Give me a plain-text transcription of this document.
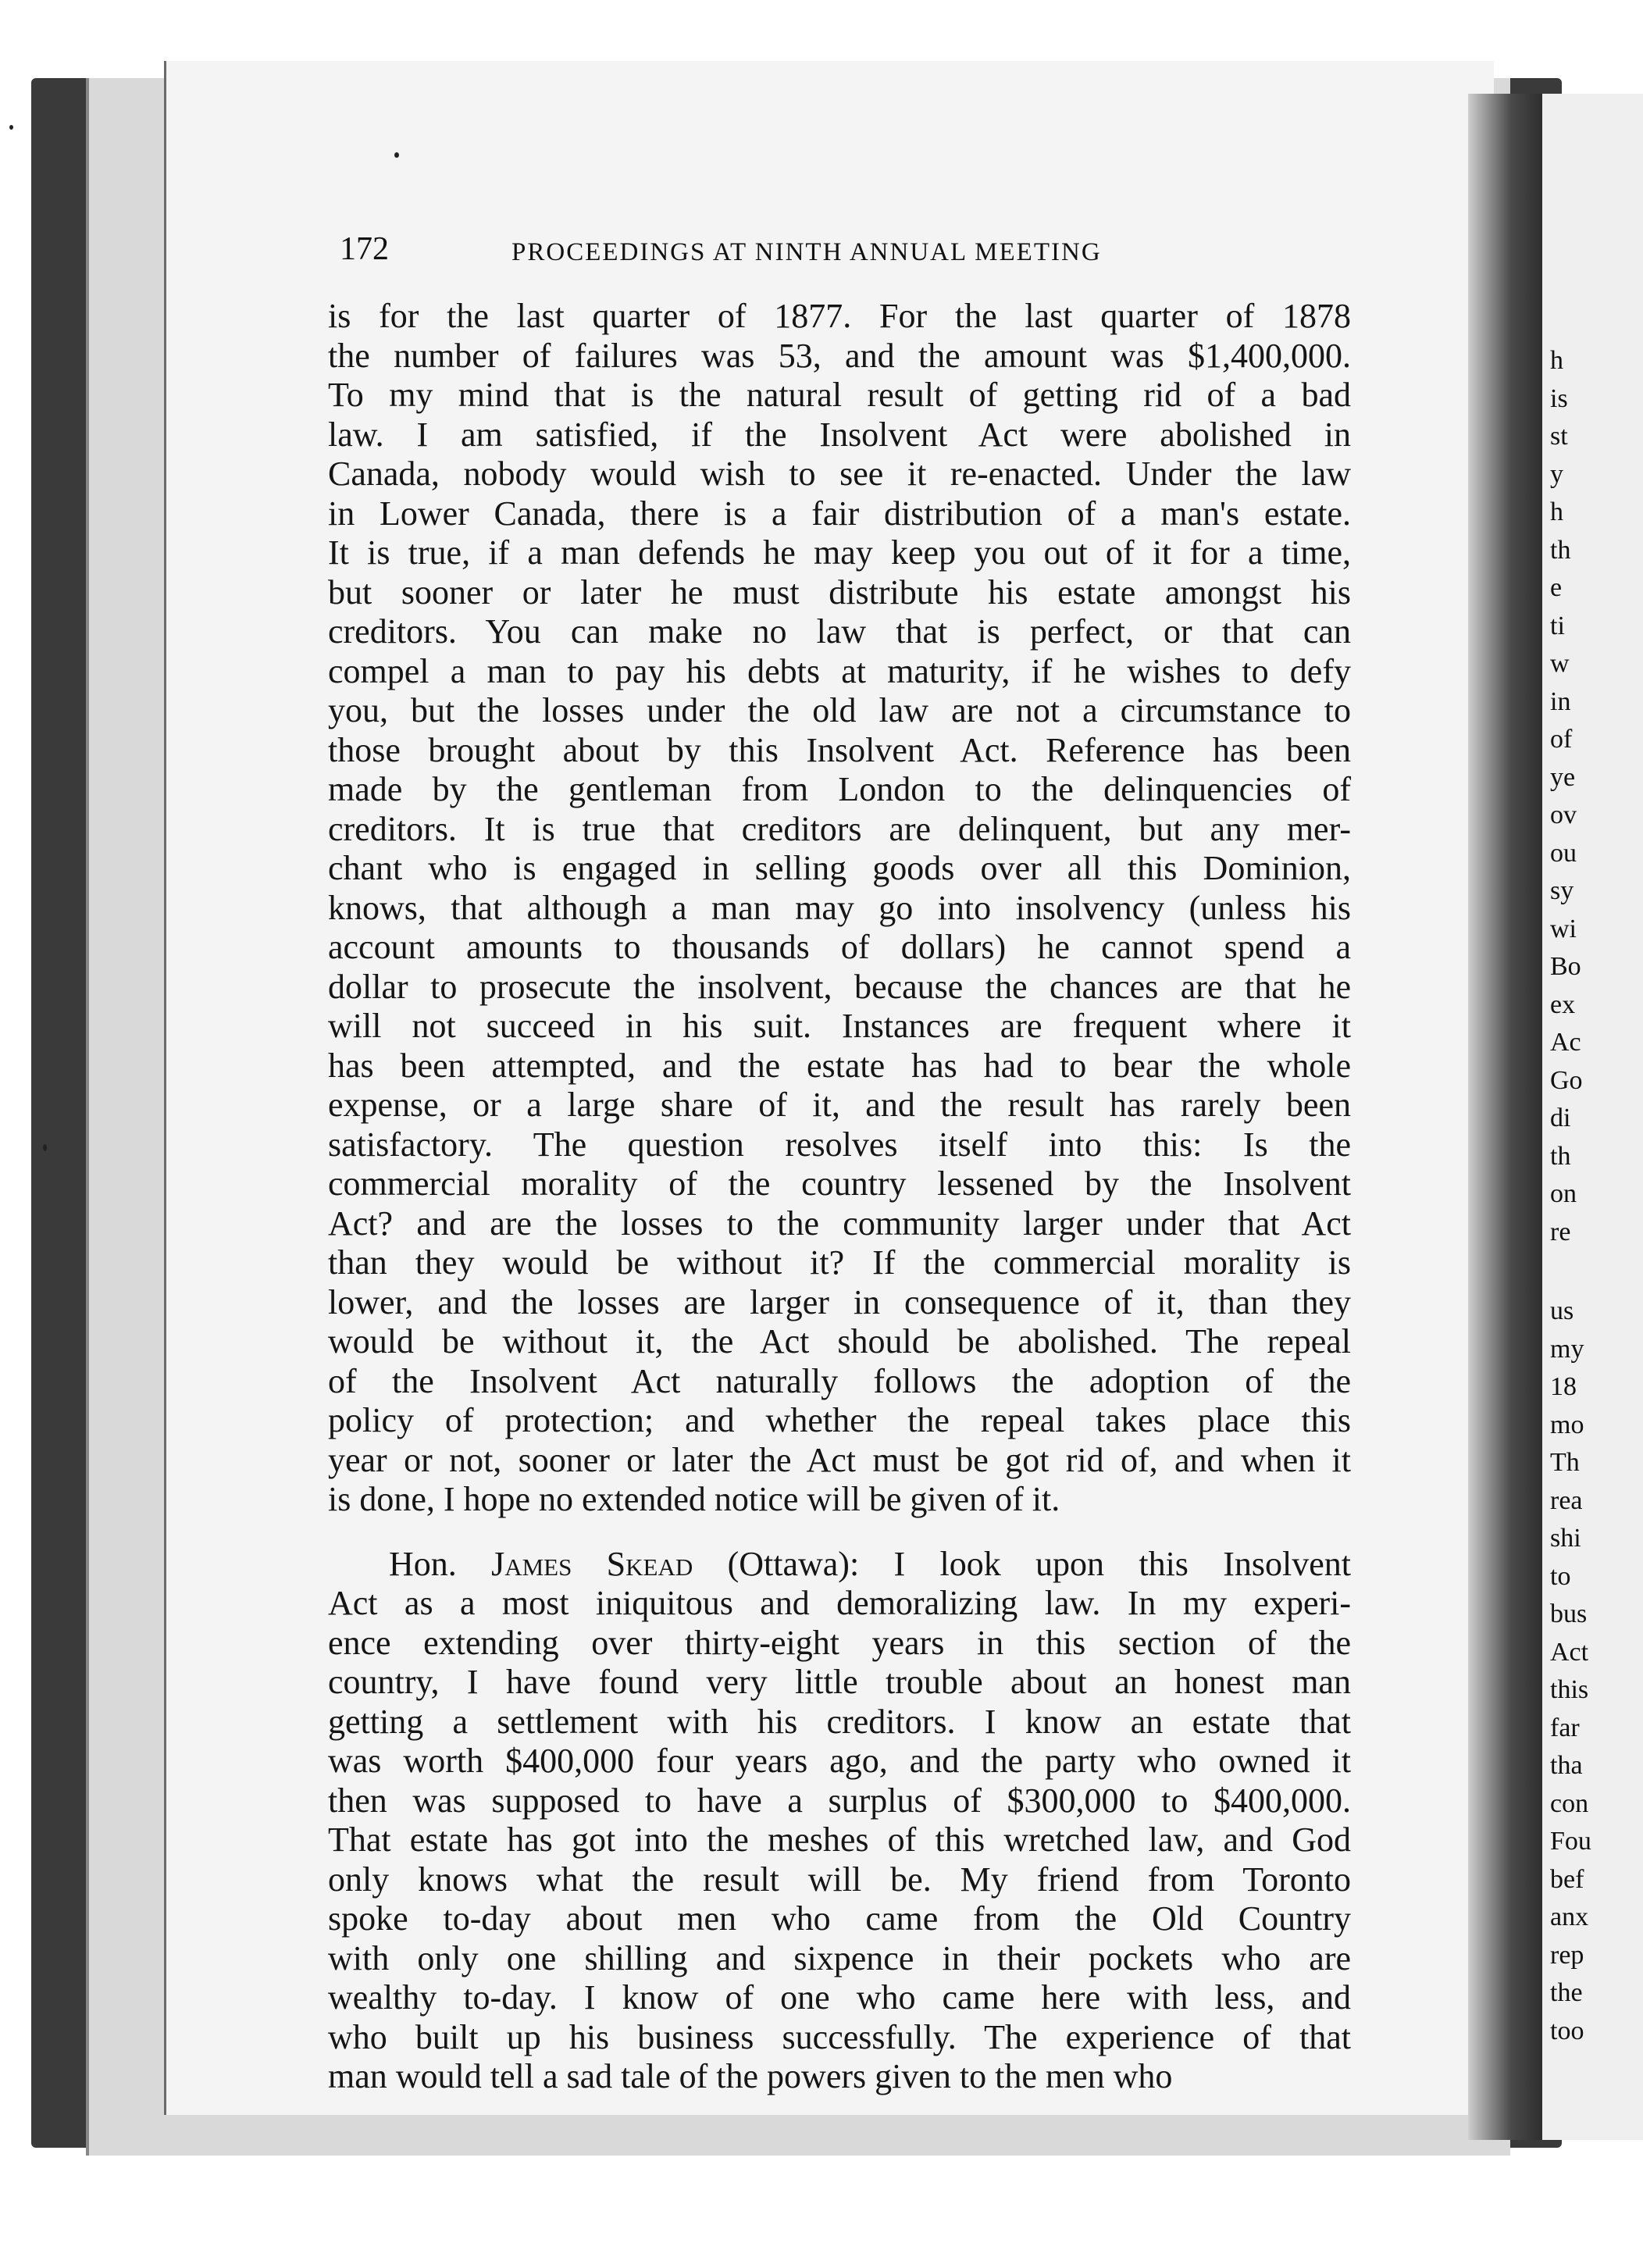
h
is
st
y
h
th
e
ti
w
in
of
ye
ov
ou
sy
wi
Bo
ex
Ac
Go
di
th
on
re
us
my
18
mo
Th
rea
shi
to
bus
Act
this
far
tha
con
Fou
bef
anx
rep
the
too
172	PROCEEDINGS AT NINTH ANNUAL MEETING
is for the last quarter of 1877. For the last quarter of 1878
the number of failures was 53, and the amount was $1,400,000.
To my mind that is the natural result of getting rid of a bad
law. I am satisfied, if the Insolvent Act were abolished in
Canada, nobody would wish to see it re-enacted. Under the law
in Lower Canada, there is a fair distribution of a man's estate.
It is true, if a man defends he may keep you out of it for a time,
but sooner or later he must distribute his estate amongst his
creditors. You can make no law that is perfect, or that can
compel a man to pay his debts at maturity, if he wishes to defy
you, but the losses under the old law are not a circumstance to
those brought about by this Insolvent Act. Reference has been
made by the gentleman from London to the delinquencies of
creditors. It is true that creditors are delinquent, but any mer-
chant who is engaged in selling goods over all this Dominion,
knows, that although a man may go into insolvency (unless his
account amounts to thousands of dollars) he cannot spend a
dollar to prosecute the insolvent, because the chances are that he
will not succeed in his suit. Instances are frequent where it
has been attempted, and the estate has had to bear the whole
expense, or a large share of it, and the result has rarely been
satisfactory. The question resolves itself into this: Is the
commercial morality of the country lessened by the Insolvent
Act? and are the losses to the community larger under that Act
than they would be without it? If the commercial morality is
lower, and the losses are larger in consequence of it, than they
would be without it, the Act should be abolished. The repeal
of the Insolvent Act naturally follows the adoption of the
policy of protection; and whether the repeal takes place this
year or not, sooner or later the Act must be got rid of, and when it
is done, I hope no extended notice will be given of it.
Hon. James Skead (Ottawa): I look upon this Insolvent
Act as a most iniquitous and demoralizing law. In my experi-
ence extending over thirty-eight years in this section of the
country, I have found very little trouble about an honest man
getting a settlement with his creditors. I know an estate that
was worth $400,000 four years ago, and the party who owned it
then was supposed to have a surplus of $300,000 to $400,000.
That estate has got into the meshes of this wretched law, and God
only knows what the result will be. My friend from Toronto
spoke to-day about men who came from the Old Country
with only one shilling and sixpence in their pockets who are
wealthy to-day. I know of one who came here with less, and
who built up his business successfully. The experience of that
man would tell a sad tale of the powers given to the men who
